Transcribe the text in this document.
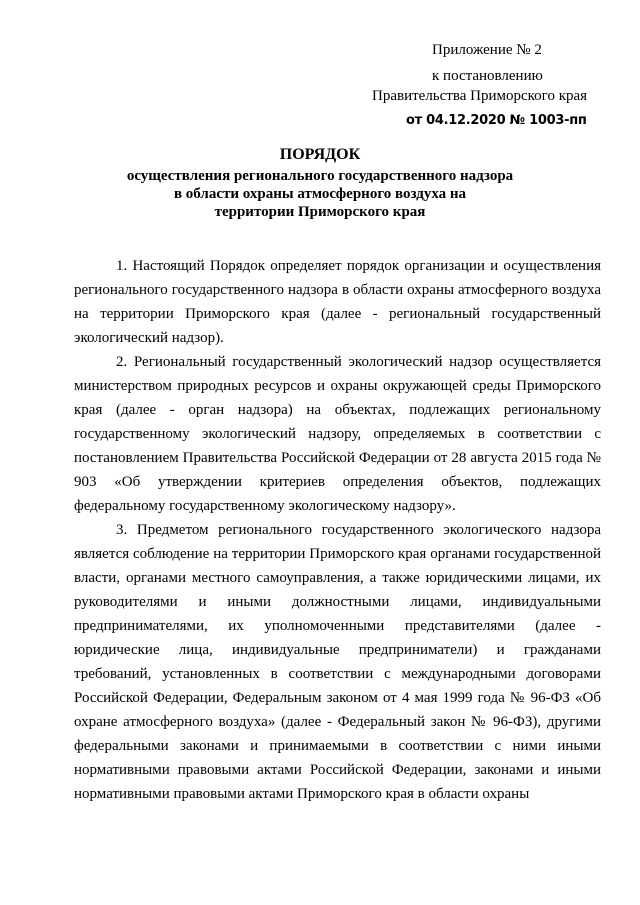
Приложение № 2
к постановлению
Правительства Приморского края
от 04.12.2020 № 1003-пп
ПОРЯДОК
осуществления регионального государственного надзора
в области охраны атмосферного воздуха на
территории Приморского края

1. Настоящий Порядок определяет порядок организации и осуществления регионального государственного надзора в области охраны атмосферного воздуха на территории Приморского края (далее - региональный государственный экологический надзор).

2. Региональный государственный экологический надзор осуществляется министерством природных ресурсов и охраны окружающей среды Приморского края (далее - орган надзора) на объектах, подлежащих региональному государственному экологический надзору, определяемых в соответствии с постановлением Правительства Российской Федерации от 28 августа 2015 года № 903 «Об утверждении критериев определения объектов, подлежащих федеральному государственному экологическому надзору».

3. Предметом регионального государственного экологического надзора является соблюдение на территории Приморского края органами государственной власти, органами местного самоуправления, а также юридическими лицами, их руководителями и иными должностными лицами, индивидуальными предпринимателями, их уполномоченными представителями (далее - юридические лица, индивидуальные предприниматели) и гражданами требований, установленных в соответствии с международными договорами Российской Федерации, Федеральным законом от 4 мая 1999 года № 96-ФЗ «Об охране атмосферного воздуха» (далее - Федеральный закон № 96-ФЗ), другими федеральными законами и принимаемыми в соответствии с ними иными нормативными правовыми актами Российской Федерации, законами и иными нормативными правовыми актами Приморского края в области охраны
